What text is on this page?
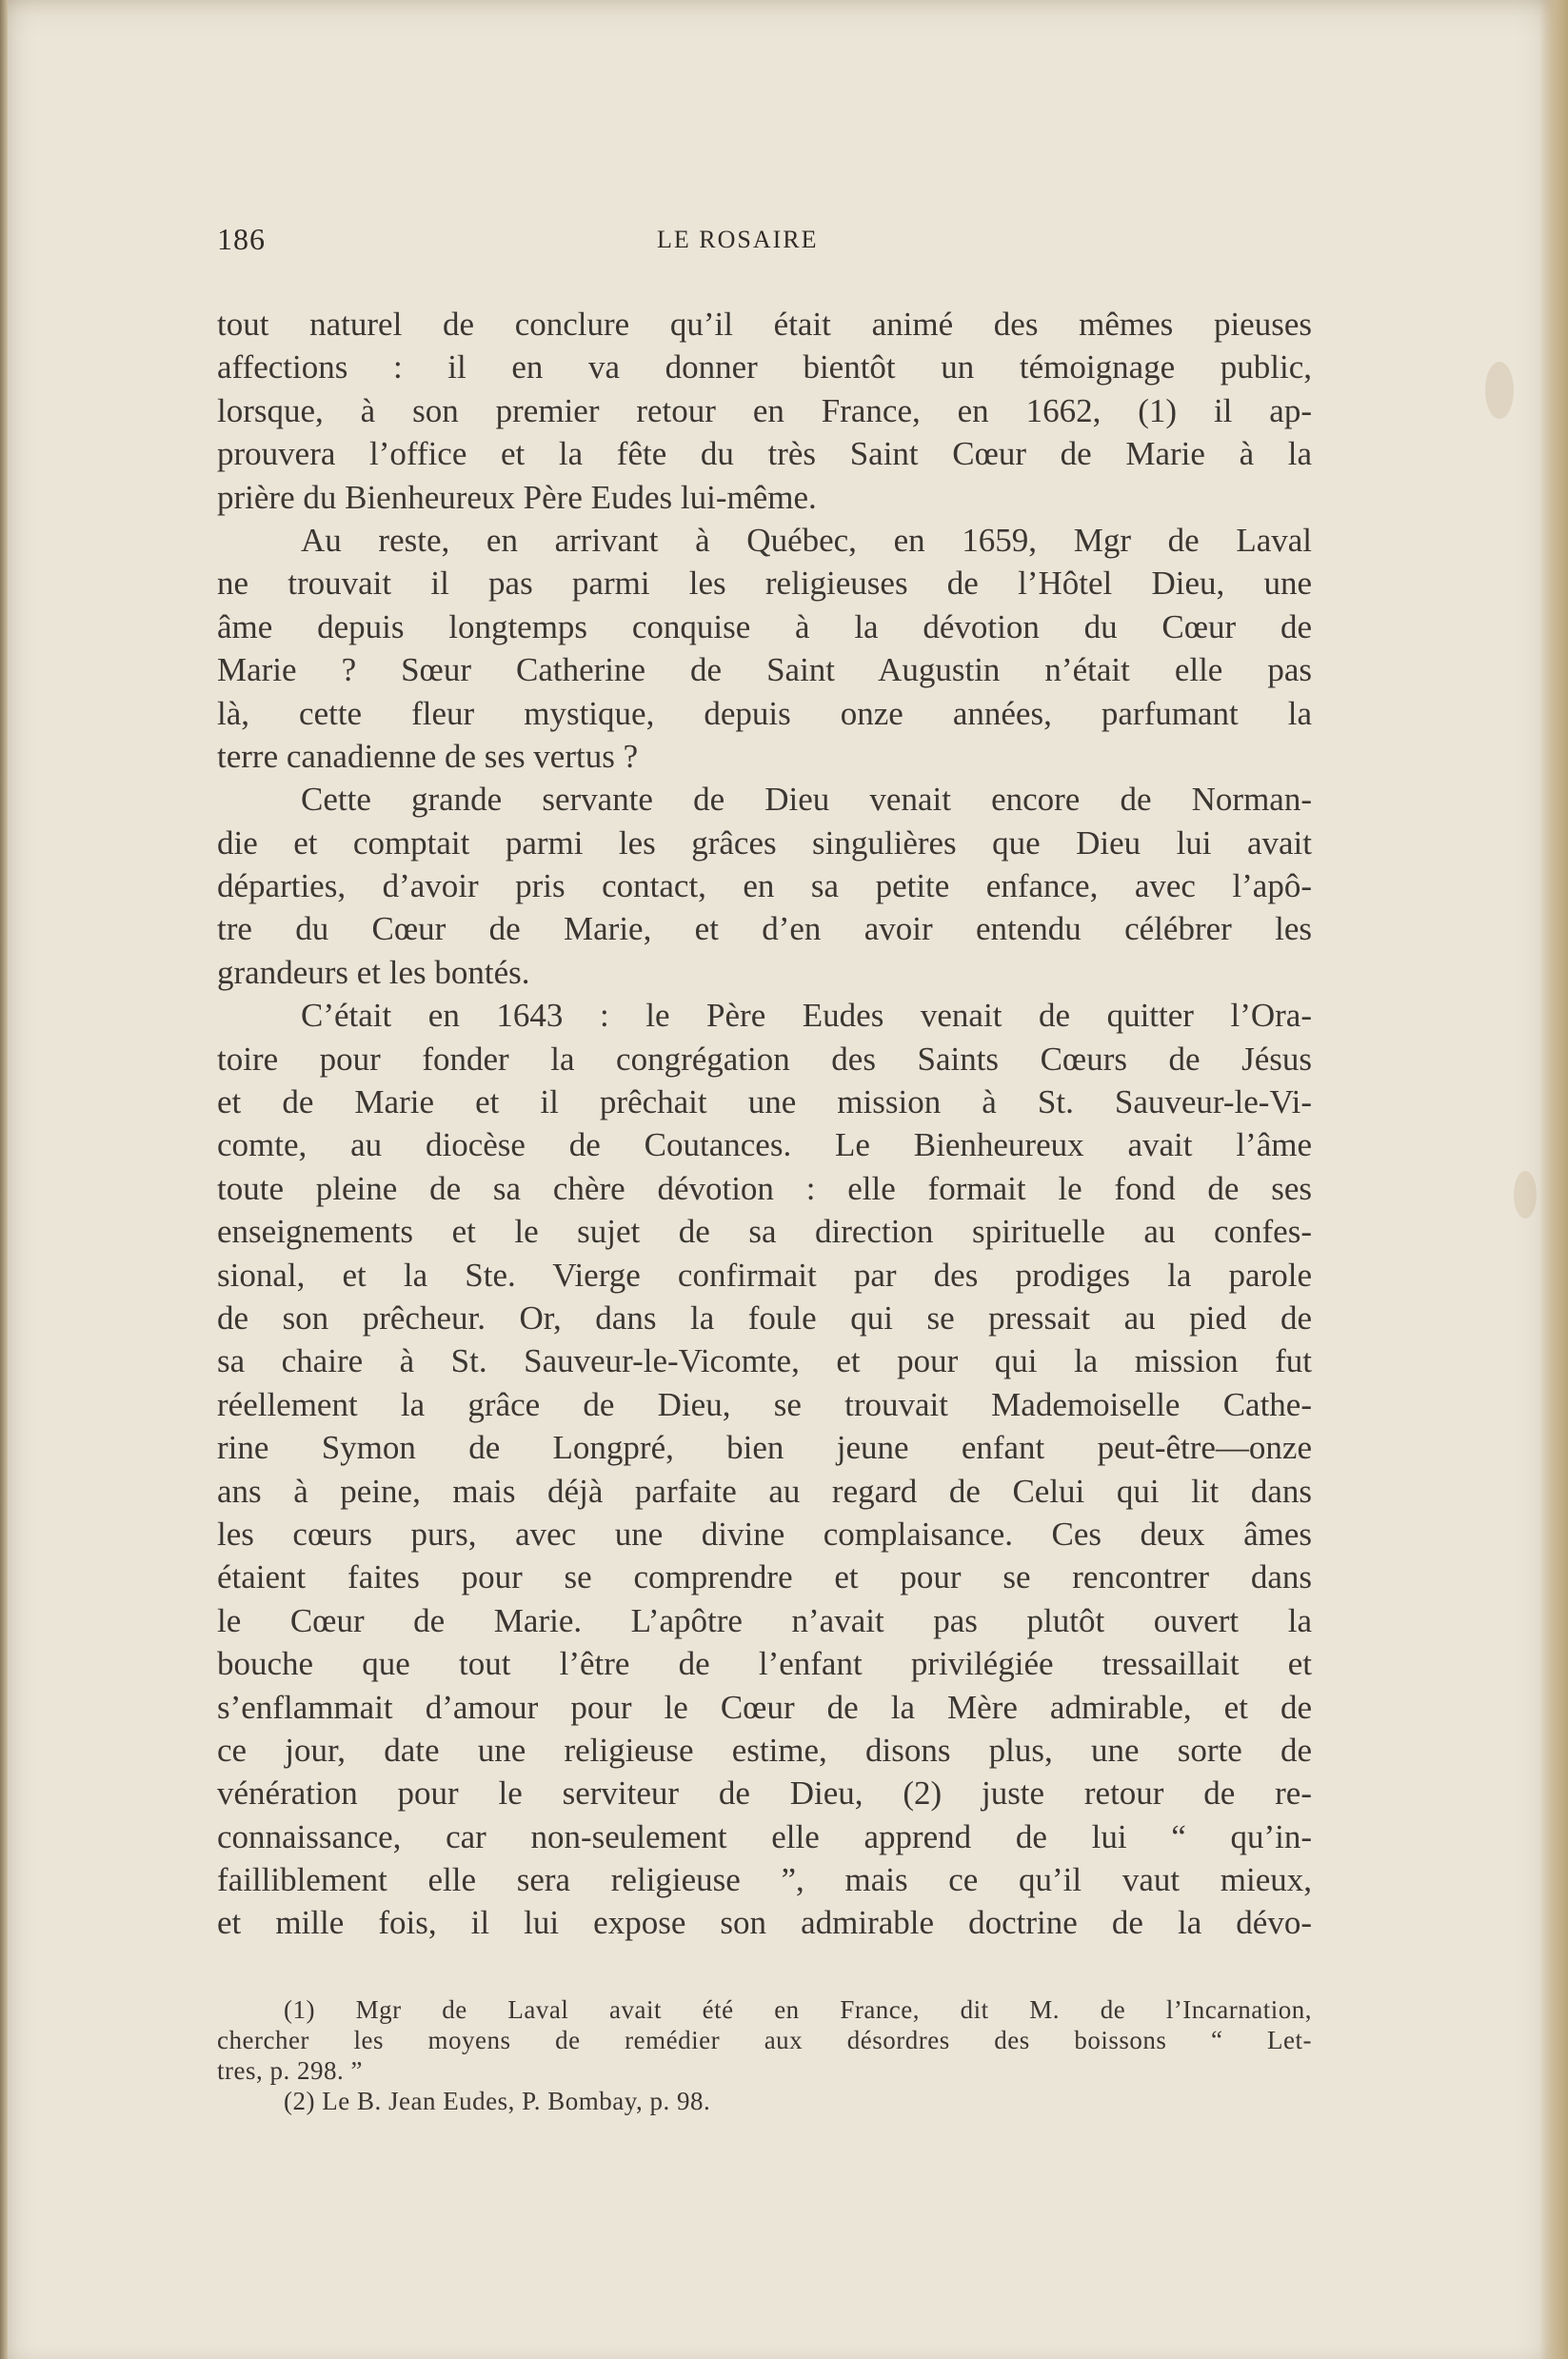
186	LE ROSAIRE
tout naturel de conclure qu’il était animé des mêmes pieuses
affections : il en va donner bientôt un témoignage public,
lorsque, à son premier retour en France, en 1662, (1) il ap-
prouvera l’office et la fête du très Saint Cœur de Marie à la
prière du Bienheureux Père Eudes lui-même.
Au reste, en arrivant à Québec, en 1659, Mgr de Laval
ne trouvait il pas parmi les religieuses de l’Hôtel Dieu, une
âme depuis longtemps conquise à la dévotion du Cœur de
Marie ? Sœur Catherine de Saint Augustin n’était elle pas
là, cette fleur mystique, depuis onze années, parfumant la
terre canadienne de ses vertus ?
Cette grande servante de Dieu venait encore de Norman-
die et comptait parmi les grâces singulières que Dieu lui avait
départies, d’avoir pris contact, en sa petite enfance, avec l’apô-
tre du Cœur de Marie, et d’en avoir entendu célébrer les
grandeurs et les bontés.
C’était en 1643 : le Père Eudes venait de quitter l’Ora-
toire pour fonder la congrégation des Saints Cœurs de Jésus
et de Marie et il prêchait une mission à St. Sauveur-le-Vi-
comte, au diocèse de Coutances. Le Bienheureux avait l’âme
toute pleine de sa chère dévotion : elle formait le fond de ses
enseignements et le sujet de sa direction spirituelle au confes-
sional, et la Ste. Vierge confirmait par des prodiges la parole
de son prêcheur. Or, dans la foule qui se pressait au pied de
sa chaire à St. Sauveur-le-Vicomte, et pour qui la mission fut
réellement la grâce de Dieu, se trouvait Mademoiselle Cathe-
rine Symon de Longpré, bien jeune enfant peut-être—onze
ans à peine, mais déjà parfaite au regard de Celui qui lit dans
les cœurs purs, avec une divine complaisance. Ces deux âmes
étaient faites pour se comprendre et pour se rencontrer dans
le Cœur de Marie. L’apôtre n’avait pas plutôt ouvert la
bouche que tout l’être de l’enfant privilégiée tressaillait et
s’enflammait d’amour pour le Cœur de la Mère admirable, et de
ce jour, date une religieuse estime, disons plus, une sorte de
vénération pour le serviteur de Dieu, (2) juste retour de re-
connaissance, car non-seulement elle apprend de lui “ qu’in-
failliblement elle sera religieuse ”, mais ce qu’il vaut mieux,
et mille fois, il lui expose son admirable doctrine de la dévo-
(1) Mgr de Laval avait été en France, dit M. de l’Incarnation,
chercher les moyens de remédier aux désordres des boissons “ Let-
tres, p. 298. ”
(2) Le B. Jean Eudes, P. Bombay, p. 98.
